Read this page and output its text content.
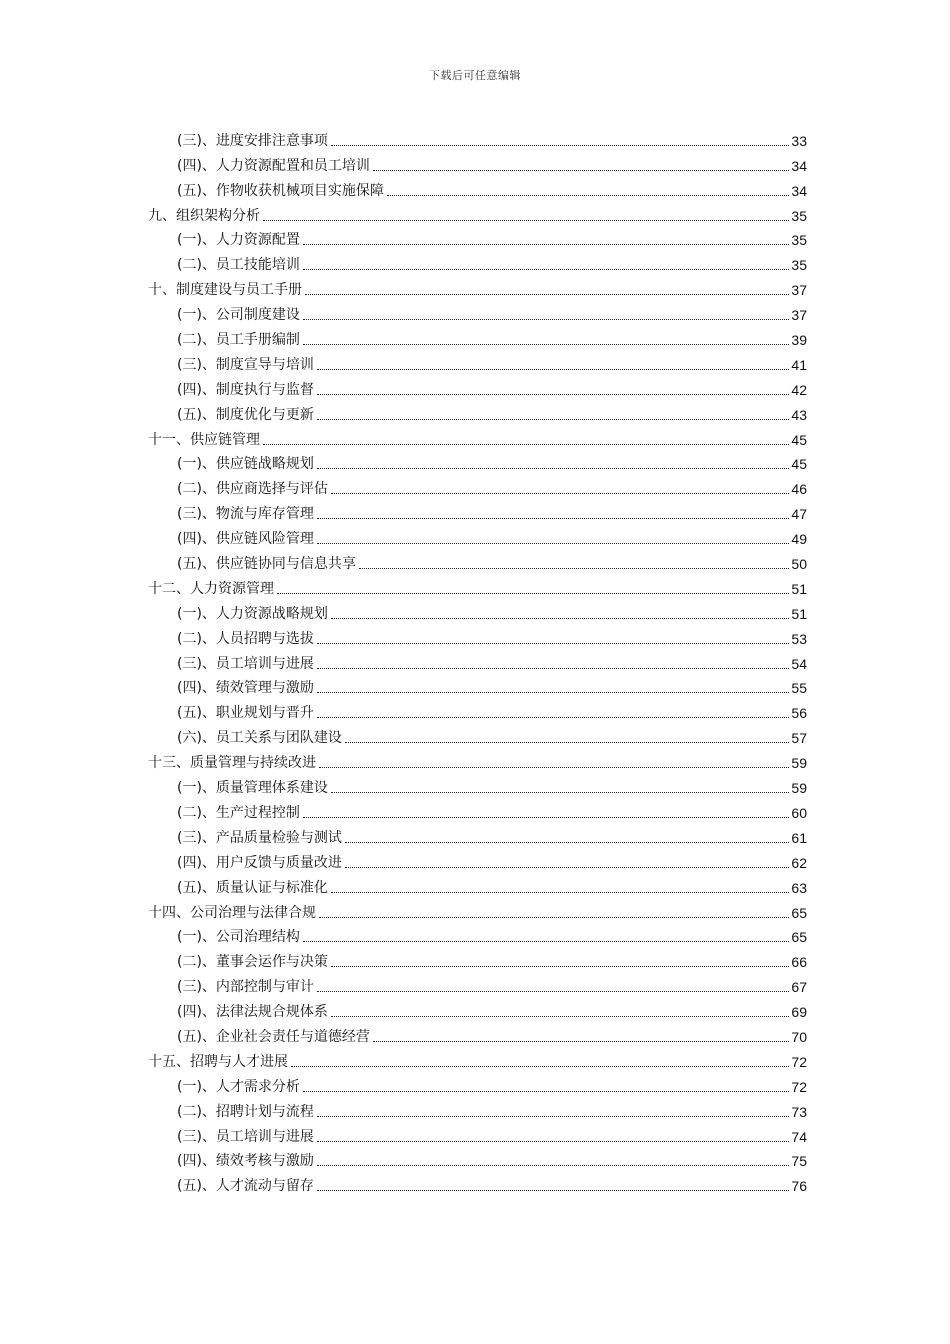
下载后可任意编辑
(三)、进度安排注意事项	33
(四)、人力资源配置和员工培训	34
(五)、作物收获机械项目实施保障	34
九、组织架构分析	35
(一)、人力资源配置	35
(二)、员工技能培训	35
十、制度建设与员工手册	37
(一)、公司制度建设	37
(二)、员工手册编制	39
(三)、制度宣导与培训	41
(四)、制度执行与监督	42
(五)、制度优化与更新	43
十一、供应链管理	45
(一)、供应链战略规划	45
(二)、供应商选择与评估	46
(三)、物流与库存管理	47
(四)、供应链风险管理	49
(五)、供应链协同与信息共享	50
十二、人力资源管理	51
(一)、人力资源战略规划	51
(二)、人员招聘与选拔	53
(三)、员工培训与进展	54
(四)、绩效管理与激励	55
(五)、职业规划与晋升	56
(六)、员工关系与团队建设	57
十三、质量管理与持续改进	59
(一)、质量管理体系建设	59
(二)、生产过程控制	60
(三)、产品质量检验与测试	61
(四)、用户反馈与质量改进	62
(五)、质量认证与标准化	63
十四、公司治理与法律合规	65
(一)、公司治理结构	65
(二)、董事会运作与决策	66
(三)、内部控制与审计	67
(四)、法律法规合规体系	69
(五)、企业社会责任与道德经营	70
十五、招聘与人才进展	72
(一)、人才需求分析	72
(二)、招聘计划与流程	73
(三)、员工培训与进展	74
(四)、绩效考核与激励	75
(五)、人才流动与留存	76
